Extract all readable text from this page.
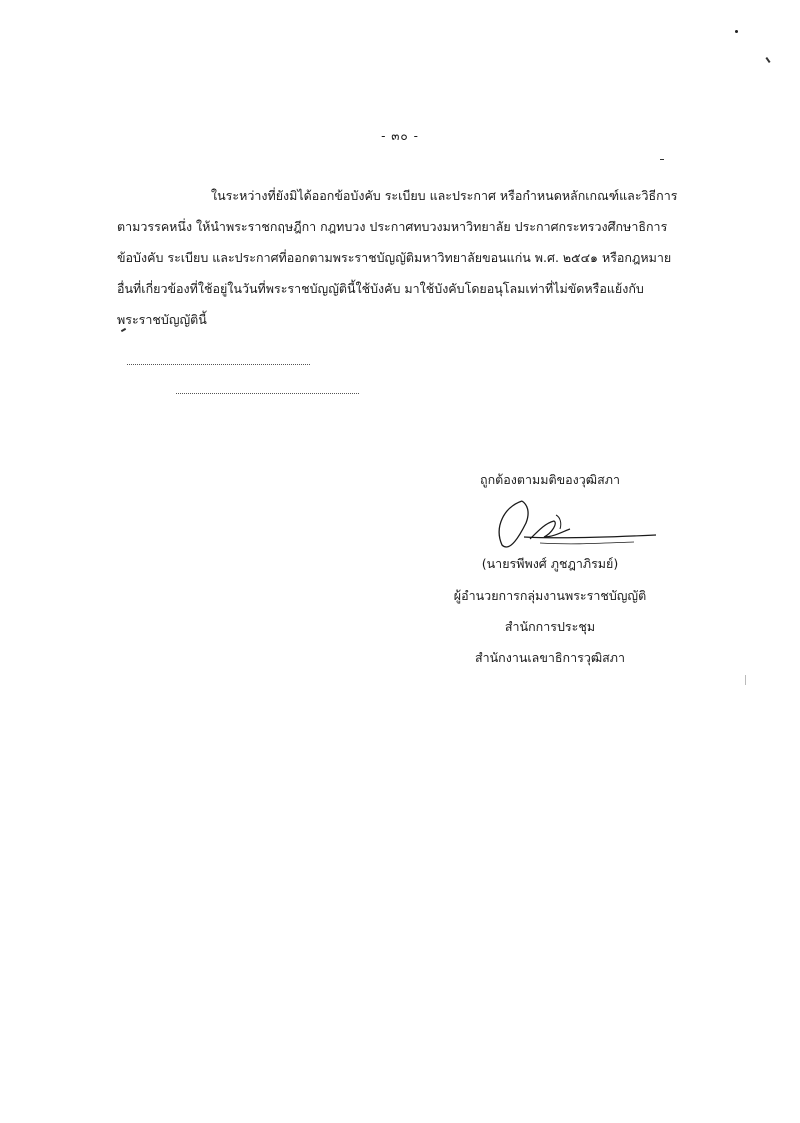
- ๓๐ -
ในระหว่างที่ยังมิได้ออกข้อบังคับ ระเบียบ และประกาศ หรือกำหนดหลักเกณฑ์และวิธีการ
ตามวรรคหนึ่ง ให้นำพระราชกฤษฎีกา กฎทบวง ประกาศทบวงมหาวิทยาลัย ประกาศกระทรวงศึกษาธิการ
ข้อบังคับ ระเบียบ และประกาศที่ออกตามพระราชบัญญัติมหาวิทยาลัยขอนแก่น พ.ศ. ๒๕๔๑ หรือกฎหมาย
อื่นที่เกี่ยวข้องที่ใช้อยู่ในวันที่พระราชบัญญัตินี้ใช้บังคับ มาใช้บังคับโดยอนุโลมเท่าที่ไม่ขัดหรือแย้งกับ
พระราชบัญญัตินี้
ถูกต้องตามมติของวุฒิสภา
(นายรพีพงศ์ ภูชฎาภิรมย์)
ผู้อำนวยการกลุ่มงานพระราชบัญญัติ
สำนักการประชุม
สำนักงานเลขาธิการวุฒิสภา
